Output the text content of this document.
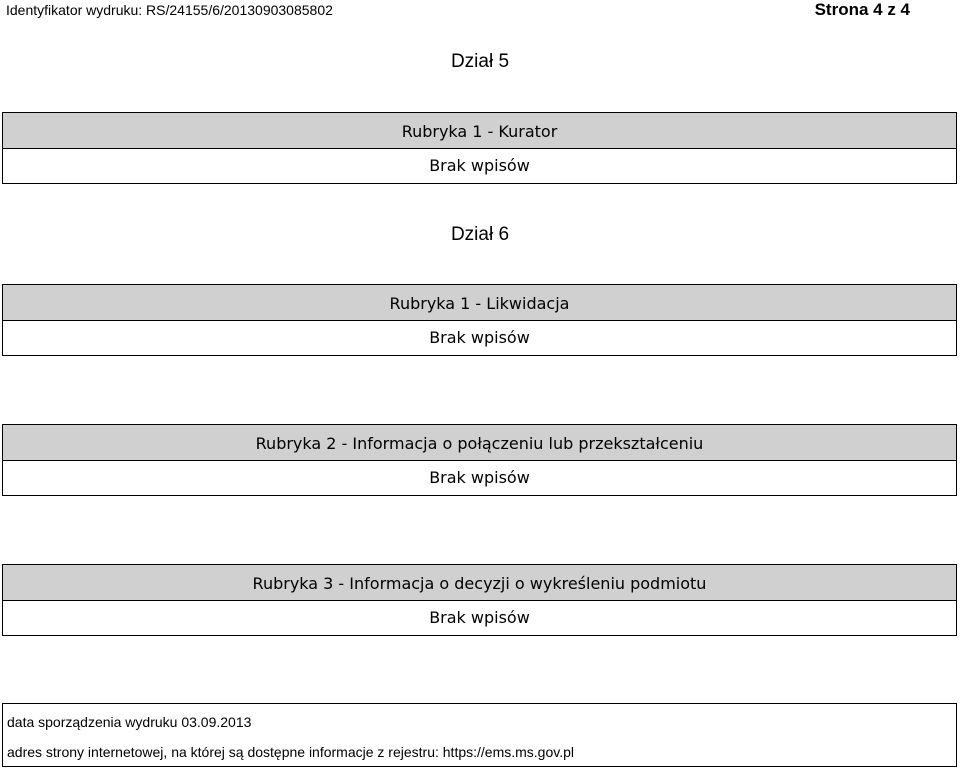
Identyfikator wydruku: RS/24155/6/20130903085802	Strona 4 z 4
Dział 5
Rubryka 1 - Kurator
Brak wpisów
Dział 6
Rubryka 1 - Likwidacja
Brak wpisów
Rubryka 2 - Informacja o połączeniu lub przekształceniu
Brak wpisów
Rubryka 3 - Informacja o decyzji o wykreśleniu podmiotu
Brak wpisów
data sporządzenia wydruku 03.09.2013
adres strony internetowej, na której są dostępne informacje z rejestru: https://ems.ms.gov.pl
